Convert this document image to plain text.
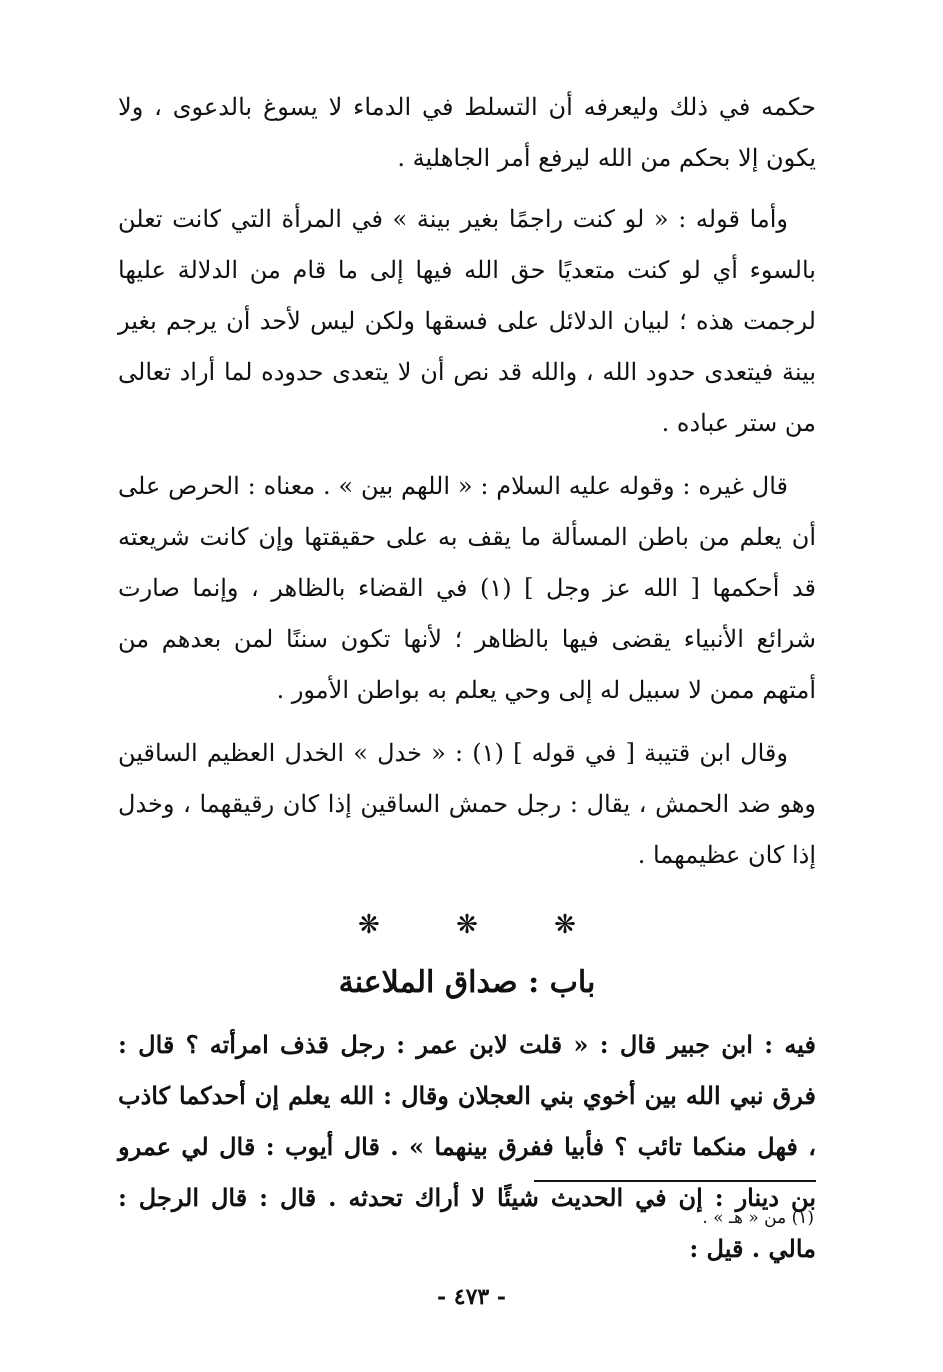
حكمه في ذلك وليعرفه أن التسلط في الدماء لا يسوغ بالدعوى ، ولا يكون إلا بحكم من الله ليرفع أمر الجاهلية .

وأما قوله : « لو كنت راجمًا بغير بينة » في المرأة التي كانت تعلن بالسوء أي لو كنت متعديًا حق الله فيها إلى ما قام من الدلالة عليها لرجمت هذه ؛ لبيان الدلائل على فسقها ولكن ليس لأحد أن يرجم بغير بينة فيتعدى حدود الله ، والله قد نص أن لا يتعدى حدوده لما أراد تعالى من ستر عباده .

قال غيره : وقوله عليه السلام : « اللهم بين » . معناه : الحرص على أن يعلم من باطن المسألة ما يقف به على حقيقتها وإن كانت شريعته قد أحكمها [ الله عز وجل ] (١) في القضاء بالظاهر ، وإنما صارت شرائع الأنبياء يقضى فيها بالظاهر ؛ لأنها تكون سننًا لمن بعدهم من أمتهم ممن لا سبيل له إلى وحي يعلم به بواطن الأمور .

وقال ابن قتيبة [ في قوله ] (١) : « خدل » الخدل العظيم الساقين وهو ضد الحمش ، يقال : رجل حمش الساقين إذا كان رقيقهما ، وخدل إذا كان عظيمهما .

❋	❋	❋
باب : صداق الملاعنة

فيه : ابن جبير قال : « قلت لابن عمر : رجل قذف امرأته ؟ قال : فرق نبي الله بين أخوي بني العجلان وقال : الله يعلم إن أحدكما كاذب ، فهل منكما تائب ؟ فأبيا ففرق بينهما » . قال أيوب : قال لي عمرو بن دينار : إن في الحديث شيئًا لا أراك تحدثه . قال : قال الرجل : مالي . قيل :

(١) من « هـ » .
- ٤٧٣ -
